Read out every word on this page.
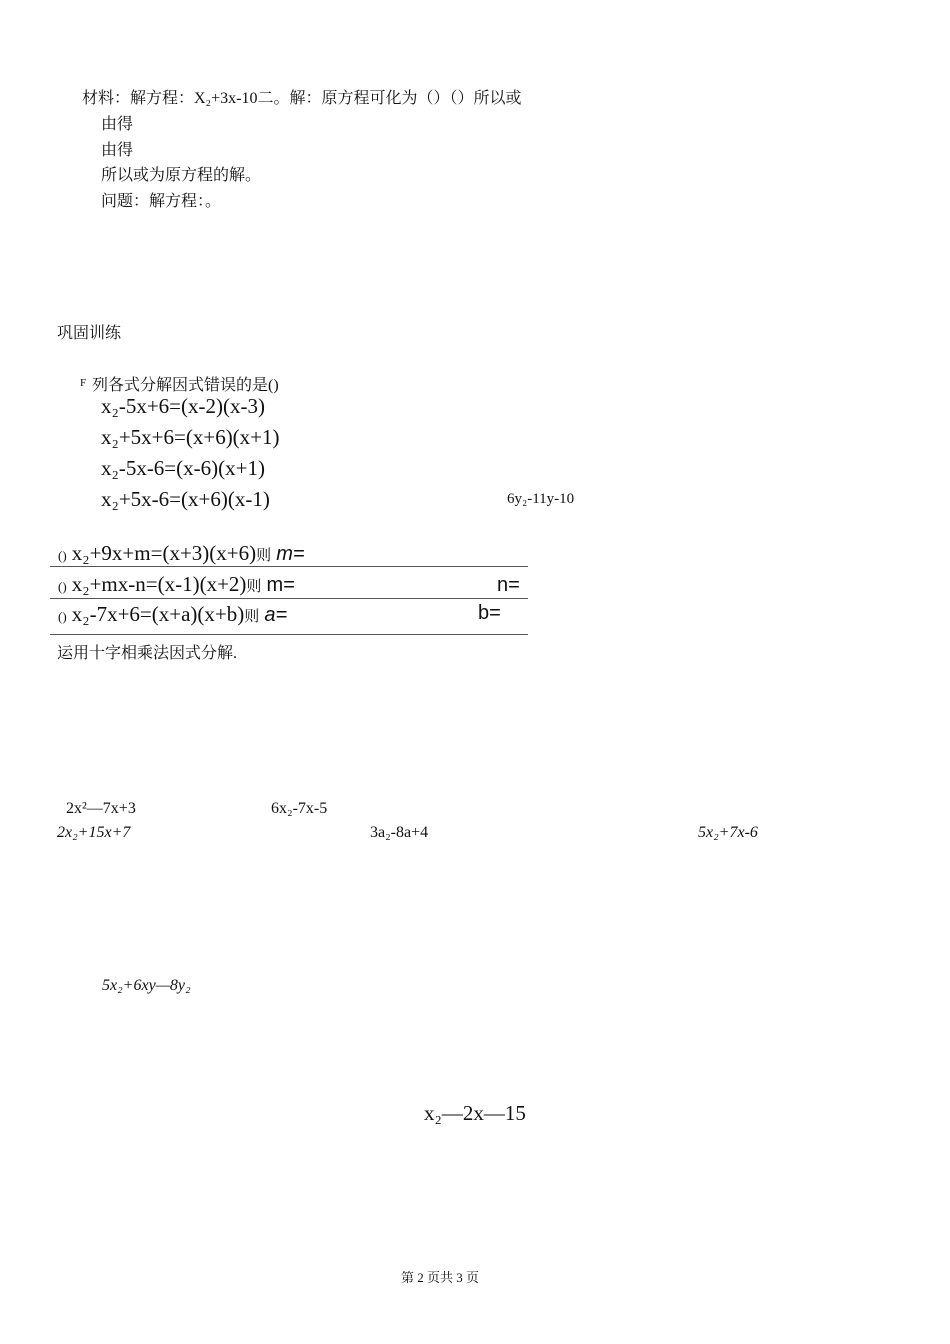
材料：解方程：X₂+3x-10二。解：原方程可化为（）（）所以或
由得
由得
所以或为原方程的解。
问题：解方程：。
巩固训练
F 列各式分解因式错误的是()
x₂-5x+6=(x-2)(x-3)
x₂+5x+6=(x+6)(x+1)
x₂-5x-6=(x-6)(x+1)
x₂+5x-6=(x+6)(x-1)	6y₂-11y-10
() x₂+9x+m=(x+3)(x+6)则 m=
() x₂+mx-n=(x-1)(x+2)则 m=	n=
() x₂-7x+6=(x+a)(x+b)则 a=	b=
运用十字相乘法因式分解.
2x²—7x+3	6x₂-7x-5
2x₂+15x+7	3a₂-8a+4	5x₂+7x-6
5x₂+6xy—8y₂
x₂—2x—15
第 2 页共 3 页
